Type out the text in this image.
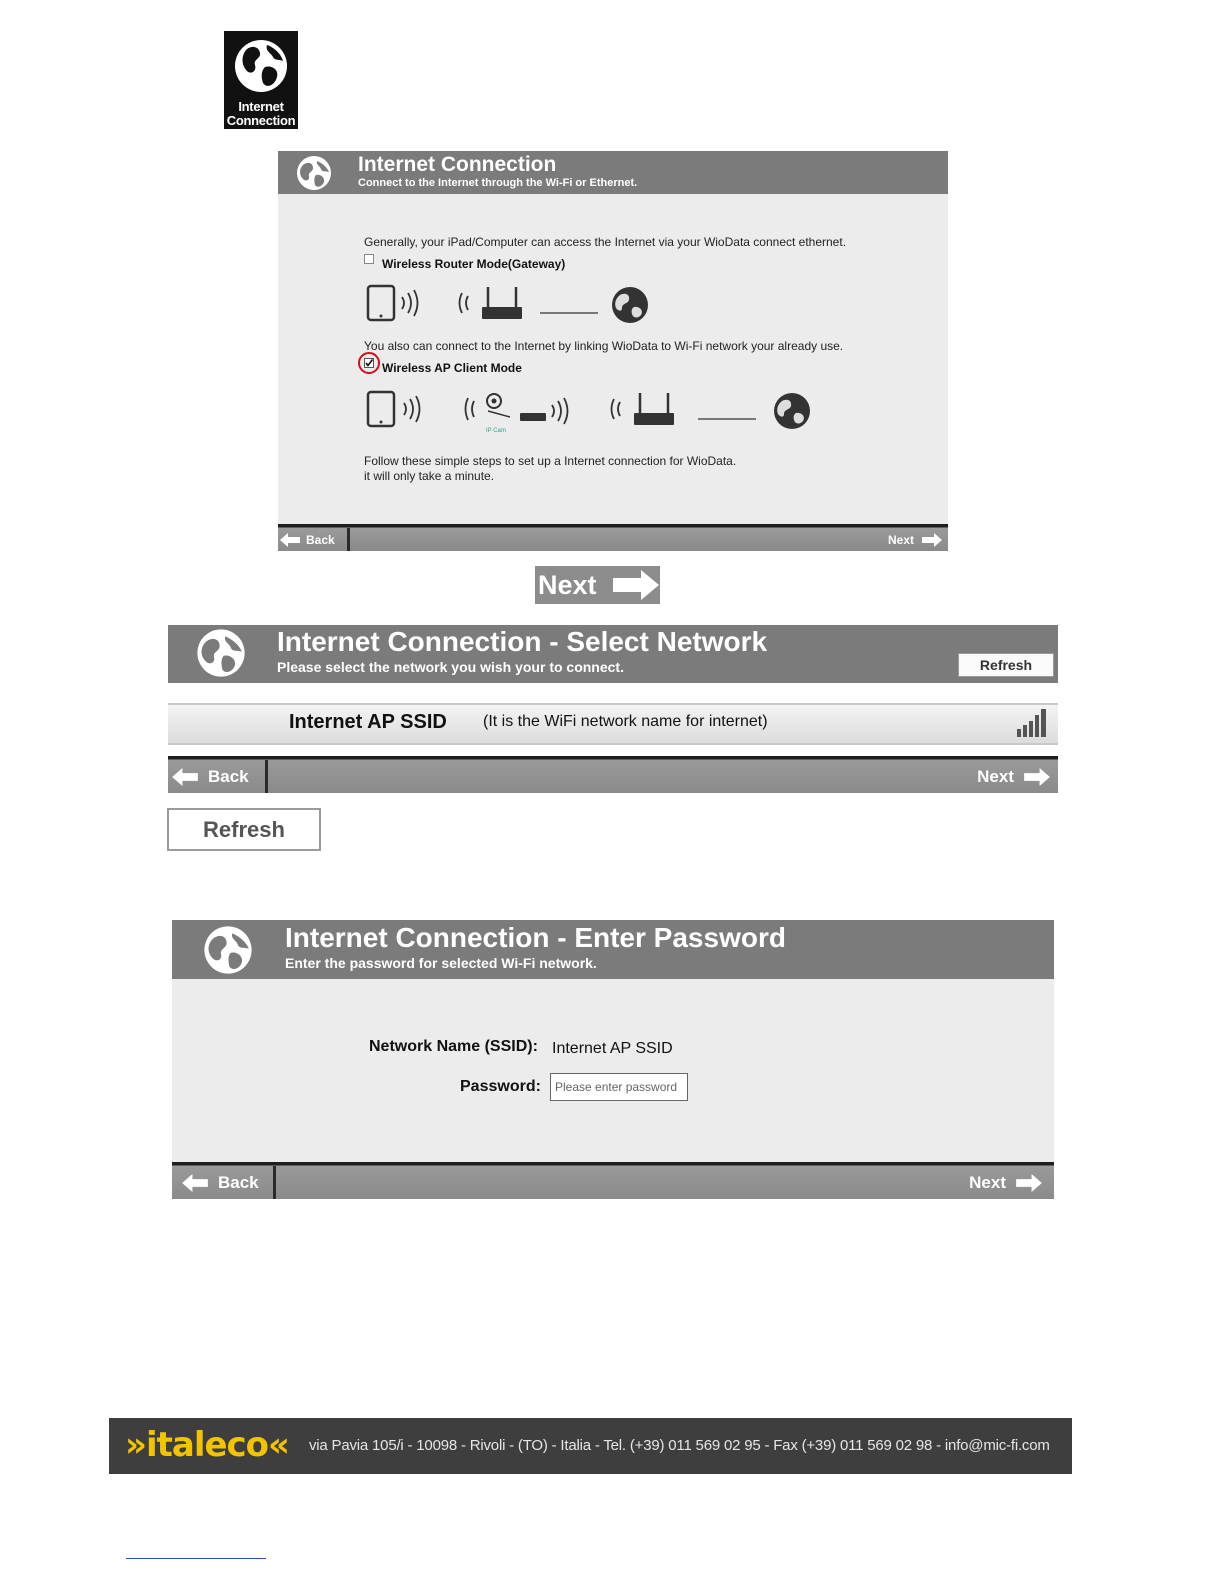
Internet
Connection
Internet Connection
Connect to the Internet through the Wi-Fi or Ethernet.
Generally, your iPad/Computer can access the Internet via your WioData connect ethernet.
Wireless Router Mode(Gateway)
You also can connect to the Internet by linking WioData to Wi-Fi network your already use.
Wireless AP Client Mode
IP Cam
Follow these simple steps to set up a Internet connection for WioData.
it will only take a minute.
Back	Next
Next
Internet Connection - Select Network
Please select the network you wish your to connect.	Refresh
Internet AP SSID (It is the WiFi network name for internet)
Back	Next
Refresh
Internet Connection - Enter Password
Enter the password for selected Wi-Fi network.
Network Name (SSID): Internet AP SSID
Password:
Please enter password
Back	Next
»italeco« via Pavia 105/i - 10098 - Rivoli - (TO) - Italia - Tel. (+39) 011 569 02 95 - Fax (+39) 011 569 02 98 - info@mic-fi.com
